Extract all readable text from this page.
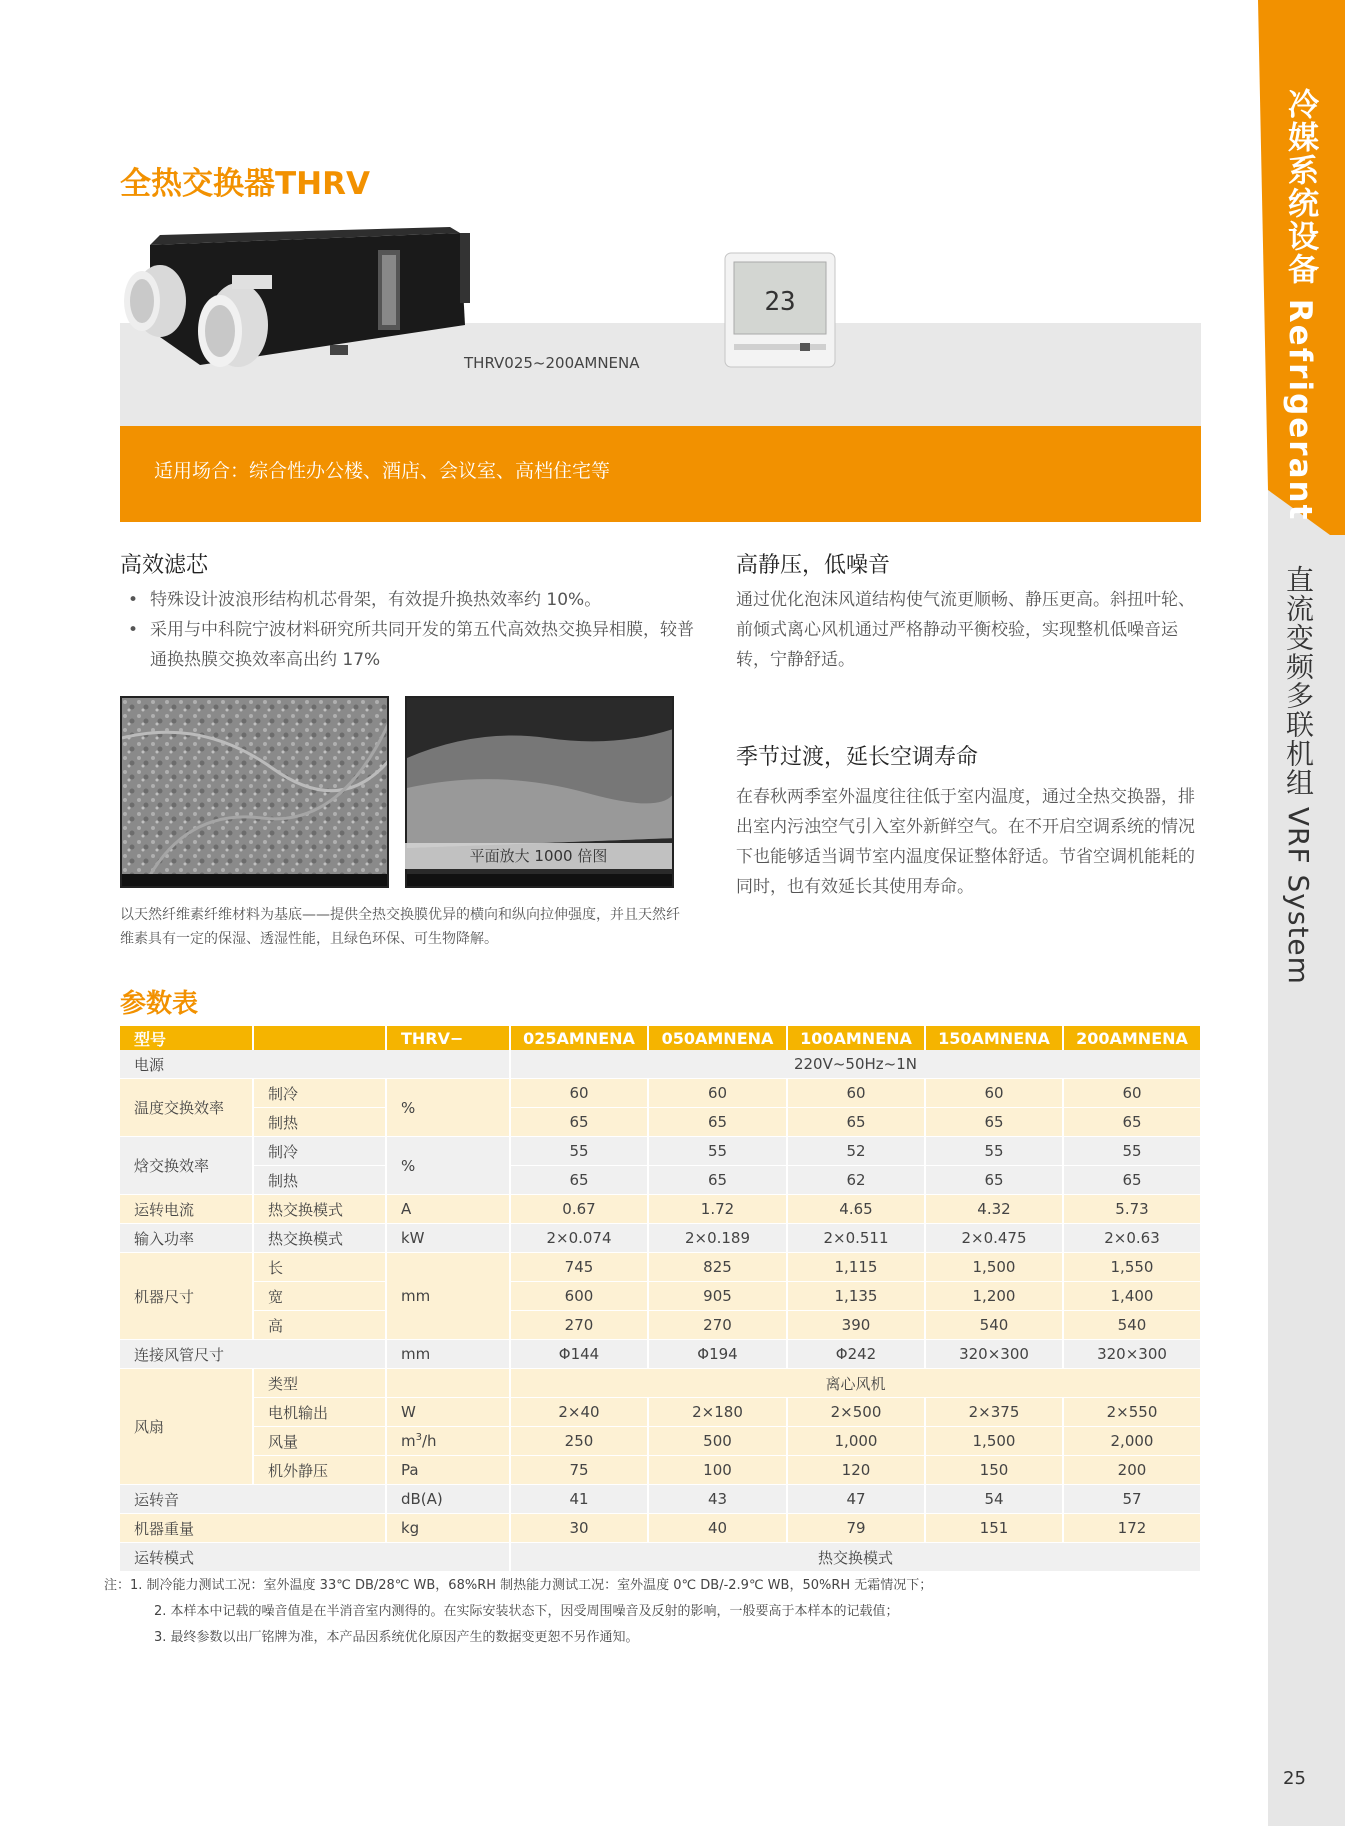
冷媒系统设备 Refrigerant
直流变频多联机组 VRF System
25
全热交换器THRV
THRV025~200AMNENA
23
适用场合：综合性办公楼、酒店、会议室、高档住宅等
高效滤芯
• 特殊设计波浪形结构机芯骨架，有效提升换热效率约 10%。
• 采用与中科院宁波材料研究所共同开发的第五代高效热交换异相膜，较普通换热膜交换效率高出约 17%
平面放大 1000 倍图
以天然纤维素纤维材料为基底——提供全热交换膜优异的横向和纵向拉伸强度，并且天然纤维素具有一定的保湿、透湿性能，且绿色环保、可生物降解。
高静压，低噪音
通过优化泡沫风道结构使气流更顺畅、静压更高。斜扭叶轮、前倾式离心风机通过严格静动平衡校验，实现整机低噪音运转，宁静舒适。
季节过渡，延长空调寿命
在春秋两季室外温度往往低于室内温度，通过全热交换器，排出室内污浊空气引入室外新鲜空气。在不开启空调系统的情况下也能够适当调节室内温度保证整体舒适。节省空调机能耗的同时，也有效延长其使用寿命。
参数表
型号		THRV−	025AMNENA	050AMNENA	100AMNENA	150AMNENA	200AMNENA
电源			220V~50Hz~1N				
温度交换效率	制冷	%	60	60	60	60	60
	制热		65	65	65	65	65
焓交换效率	制冷	%	55	55	52	55	55
	制热		65	65	62	65	65
运转电流	热交换模式	A	0.67	1.72	4.65	4.32	5.73
输入功率	热交换模式	kW	2×0.074	2×0.189	2×0.511	2×0.475	2×0.63
机器尺寸	长	mm	745	825	1,115	1,500	1,550
	宽		600	905	1,135	1,200	1,400
	高		270	270	390	540	540
连接风管尺寸		mm	Φ144	Φ194	Φ242	320×300	320×300
风扇	类型		离心风机				
	电机输出	W	2×40	2×180	2×500	2×375	2×550
	风量	$m^3/h$	250	500	1,000	1,500	2,000
	机外静压	Pa	75	100	120	150	200
运转音		dB(A)	41	43	47	54	57
机器重量		kg	30	40	79	151	172
运转模式			热交换模式				
注：1. 制冷能力测试工况：室外温度 33℃ DB/28℃ WB，68%RH 制热能力测试工况：室外温度 0℃ DB/-2.9℃ WB，50%RH 无霜情况下；
2. 本样本中记载的噪音值是在半消音室内测得的。在实际安装状态下，因受周围噪音及反射的影响，一般要高于本样本的记载值；
3. 最终参数以出厂铭牌为准，本产品因系统优化原因产生的数据变更恕不另作通知。
